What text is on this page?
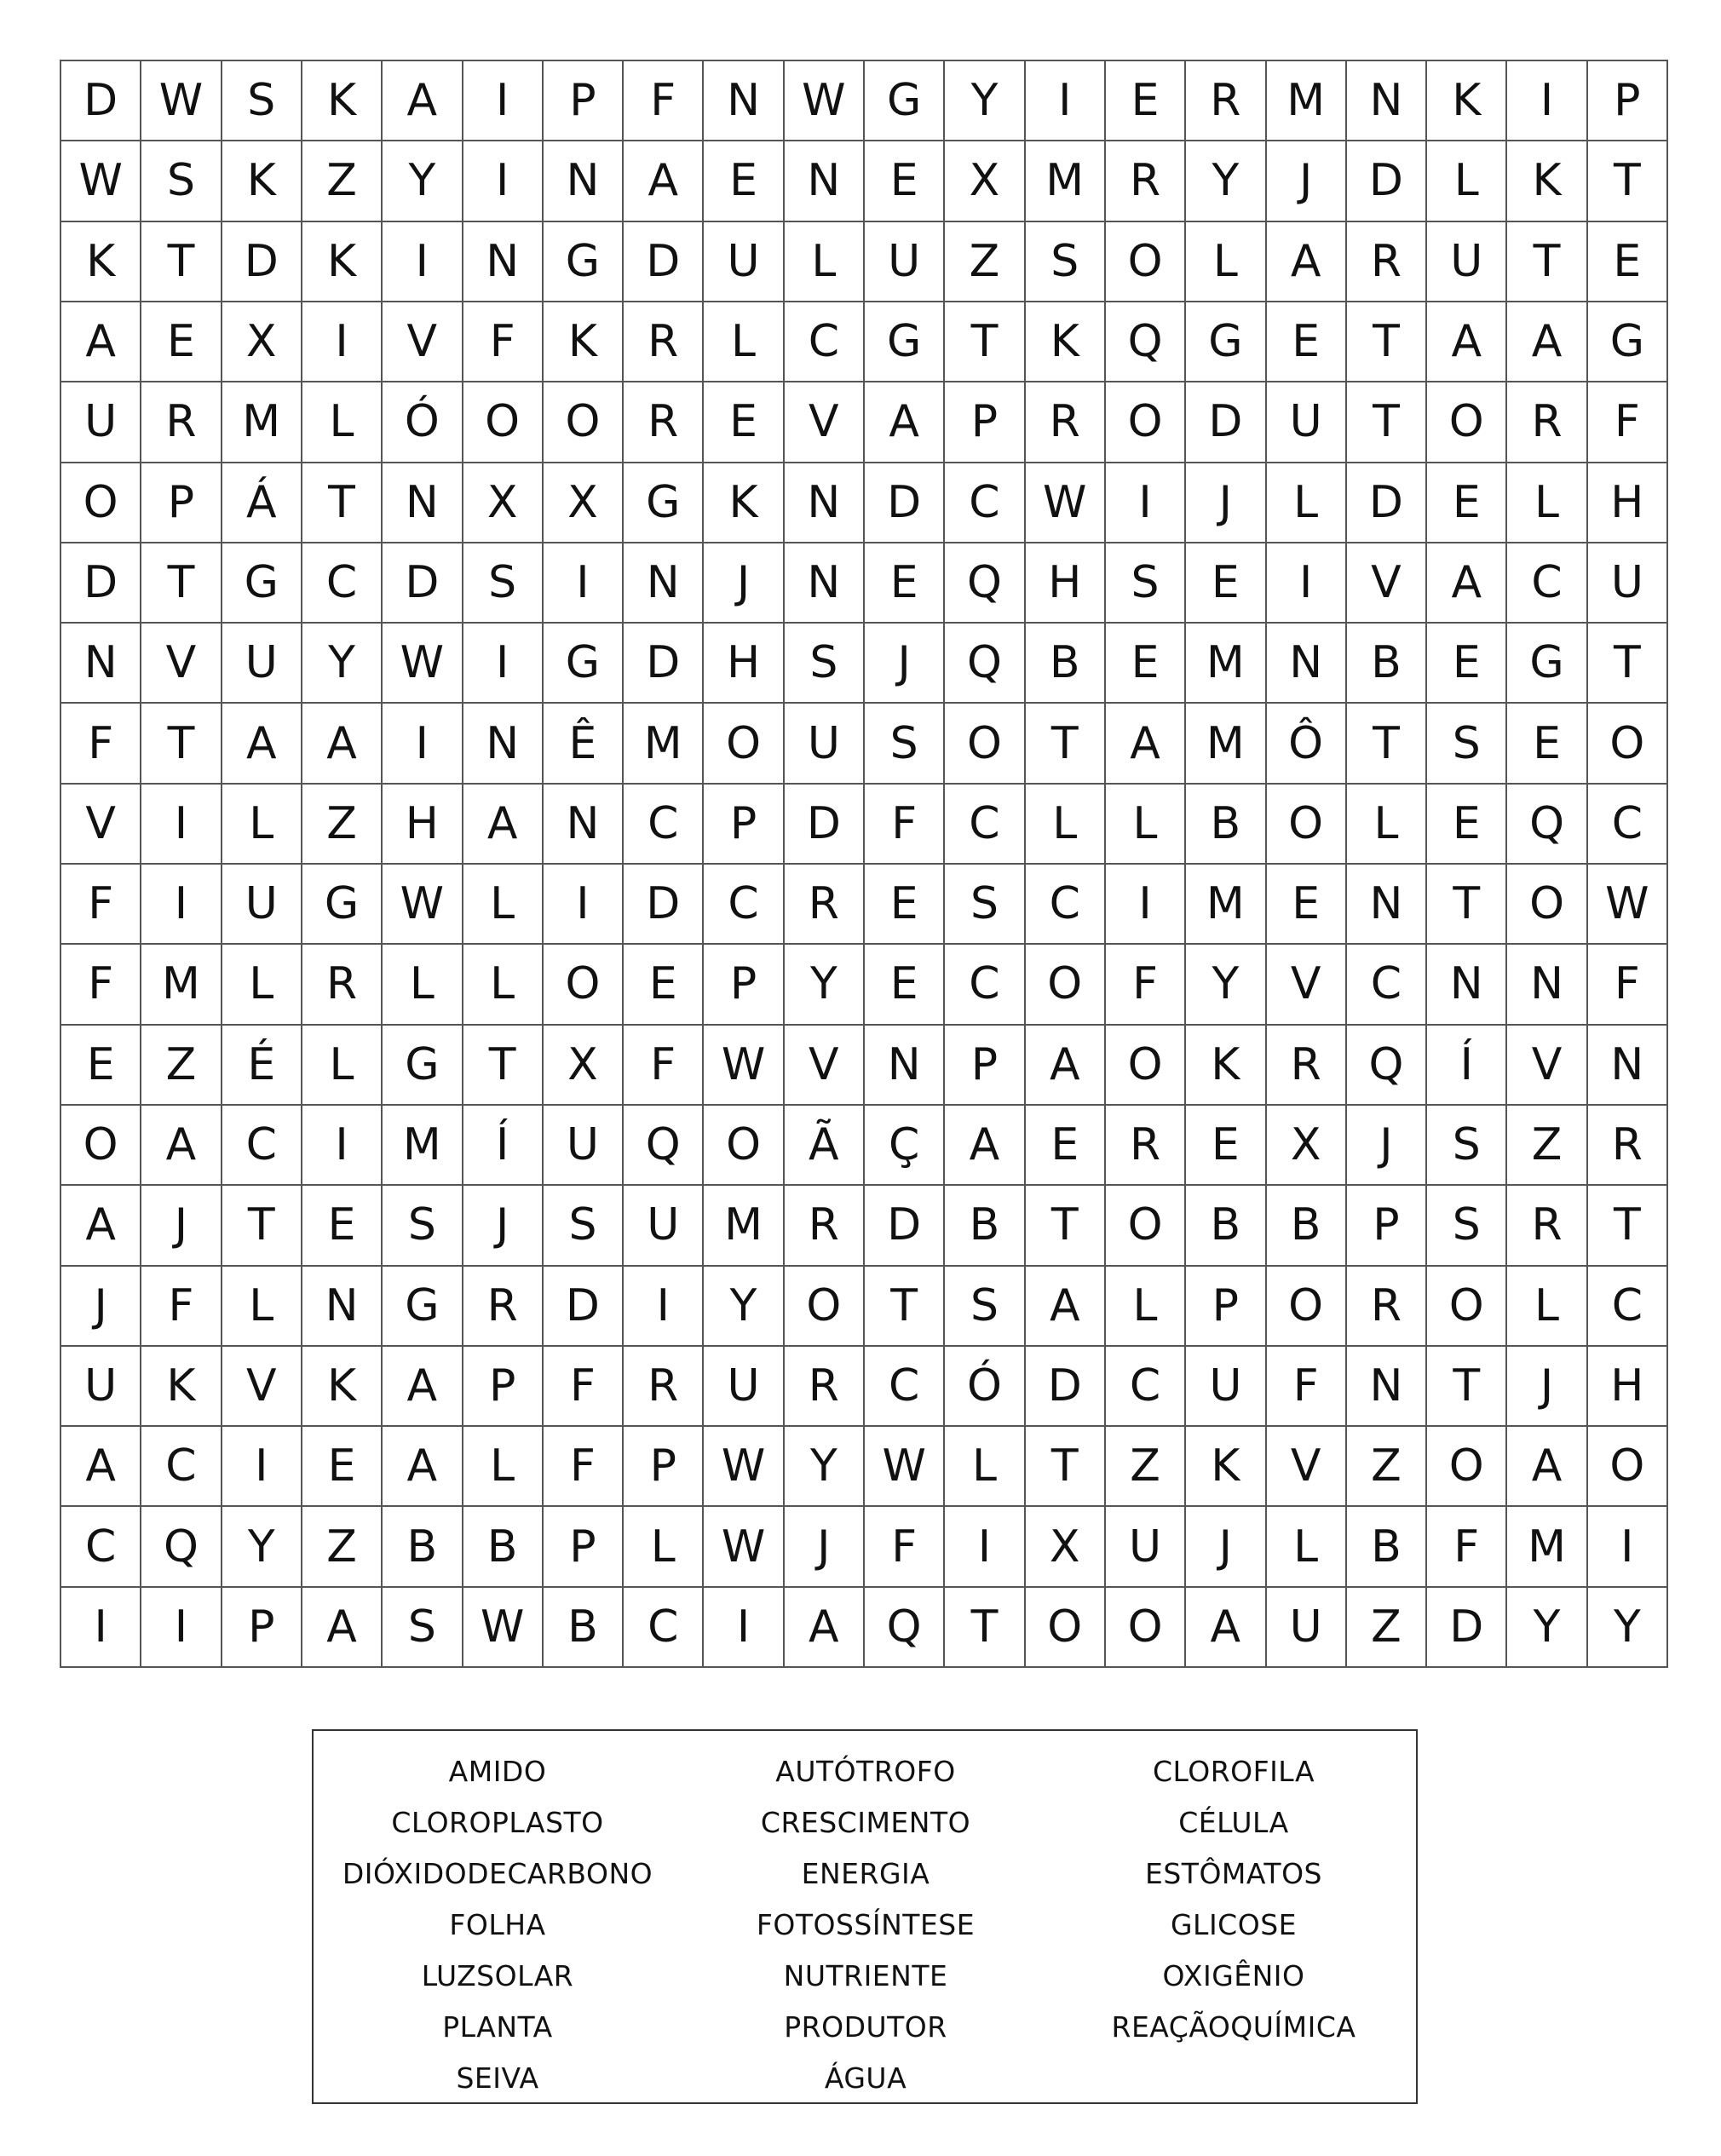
D W	S	K	A	I	P	F	N W G	Y	I	E	R	M	N	K	I	P
W	S	K	Z	Y	I	N	A	E	N	E	X	M	R	Y	J	D	L	K	T
K	T	D	K	I	N	G	D	U	L	U	Z	S	O	L	A	R	U	T	E
A	E	X	I	V	F	K	R	L	C	G	T	K	Q	G	E	T	A	A	G
U	R	M	L	Ó	O	O	R	E	V	A	P	R	O	D	U	T	O	R	F
O	P	Á	T	N	X	X	G	K	N	D	C W	I	J	L	D	E	L	H
D	T	G	C	D	S	I	N	J	N	E	Q	H	S	E	I	V	A	C	U
N	V	U	Y	W	I	G	D	H	S	J	Q	B	E	M	N	B	E	G	T
F	T	A	A	I	N	Ê	M O	U	S	O	T	A	M Ô	T	S	E	O
V	I	L	Z	H	A	N	C	P	D	F	C	L	L	B	O	L	E	Q	C
F	I	U	G W	L	I	D	C	R	E	S	C	I	M	E	N	T	O W
F	M	L	R	L	L	O	E	P	Y	E	C	O	F	Y	V	C	N	N	F
E	Z	É	L	G	T	X	F	W V	N	P	A	O	K	R	Q	Í	V	N
O	A	C	I	M	Í	U	Q	O	Ã	Ç	A	E	R	E	X	J	S	Z	R
A	J	T	E	S	J	S	U	M	R	D	B	T	O	B	B	P	S	R	T
J	F	L	N	G	R	D	I	Y	O	T	S	A	L	P	O	R	O	L	C
U	K	V	K	A	P	F	R	U	R	C	Ó	D	C	U	F	N	T	J	H
A	C	I	E	A	L	F	P	W	Y	W	L	T	Z	K	V	Z	O	A	O
C	Q	Y	Z	B	B	P	L	W	J	F	I	X	U	J	L	B	F	M	I
I	I	P	A	S	W B	C	I	A	Q	T	O	O	A	U	Z	D	Y	Y
AMIDO
CLOROPLASTO
DIÓXIDODECARBONO
FOLHA
LUZSOLAR
PLANTA
SEIVA
AUTÓTROFO
CRESCIMENTO
ENERGIA
FOTOSSÍNTESE
NUTRIENTE
PRODUTOR
ÁGUA
CLOROFILA
CÉLULA
ESTÔMATOS
GLICOSE
OXIGÊNIO
REAÇÃOQUÍMICA
